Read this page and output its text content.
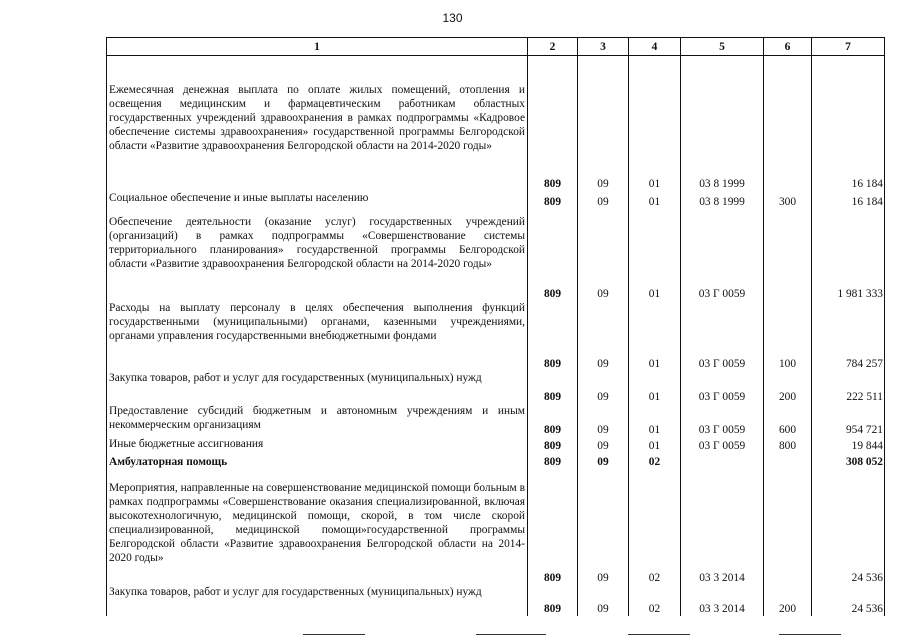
130
1	2	3	4	5	6	7
Ежемесячная денежная выплата по оплате жилых помещений, отопления и освещения медицинским и фармацевтическим работникам областных государственных учреждений здравоохранения в рамках подпрограммы «Кадровое обеспечение системы здравоохранения» государственной программы Белгородской области «Развитие здравоохранения Белгородской области на 2014-2020 годы»	809	09	01	03 8 1999		16 184
Социальное обеспечение и иные выплаты населению	809	09	01	03 8 1999	300	16 184
Обеспечение деятельности (оказание услуг) государственных учреждений (организаций) в рамках подпрограммы «Совершенствование системы территориального планирования» государственной программы Белгородской области «Развитие здравоохранения Белгородской области на 2014-2020 годы»	809	09	01	03 Г 0059		1 981 333
Расходы на выплату персоналу в целях обеспечения выполнения функций государственными (муниципальными) органами, казенными учреждениями, органами управления государственными внебюджетными фондами	809	09	01	03 Г 0059	100	784 257
Закупка товаров, работ и услуг для государственных (муниципальных) нужд	809	09	01	03 Г 0059	200	222 511
Предоставление субсидий бюджетным и автономным учреждениям и иным некоммерческим организациям	809	09	01	03 Г 0059	600	954 721
Иные бюджетные ассигнования	809	09	01	03 Г 0059	800	19 844
Амбулаторная помощь	809	09	02			308 052
Мероприятия, направленные на совершенствование медицинской помощи больным в рамках подпрограммы «Совершенствование оказания специализированной, включая высокотехнологичную, медицинской помощи, скорой, в том числе скорой специализированной, медицинской помощи»государственной программы Белгородской области «Развитие здравоохранения Белгородской области на 2014-2020 годы»	809	09	02	03 3 2014		24 536
Закупка товаров, работ и услуг для государственных (муниципальных) нужд	809	09	02	03 3 2014	200	24 536
